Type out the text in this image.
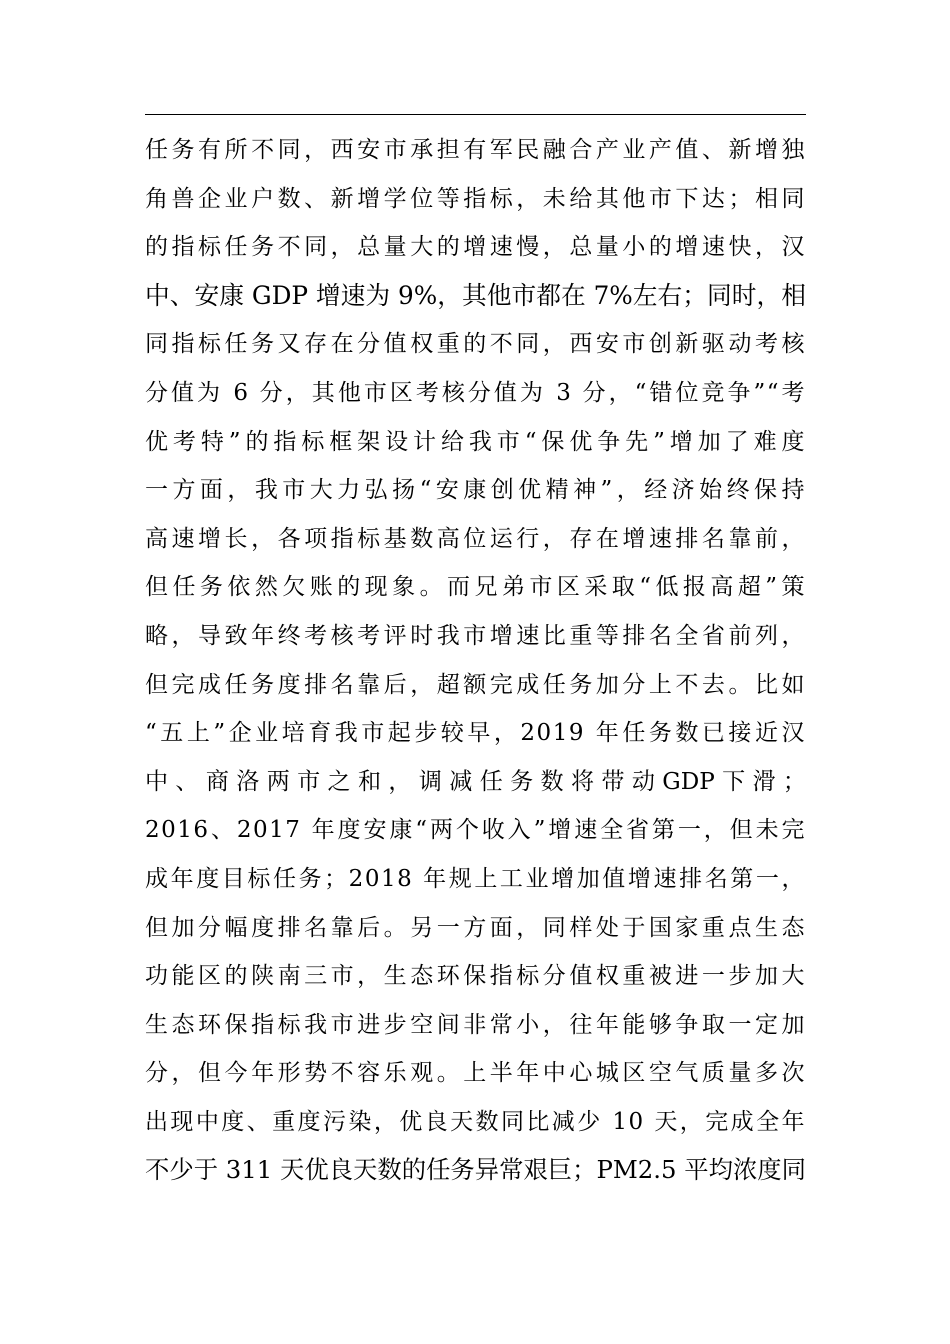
任务有所不同，西安市承担有军民融合产业产值、新增独
角兽企业户数、新增学位等指标，未给其他市下达；相同
的指标任务不同，总量大的增速慢，总量小的增速快，汉
中、安康 GDP 增速为 9%，其他市都在 7%左右；同时，相
同指标任务又存在分值权重的不同，西安市创新驱动考核
分值为 6 分，其他市区考核分值为 3 分，“错位竞争”“考
优考特”的指标框架设计给我市“保优争先”增加了难度
一方面，我市大力弘扬“安康创优精神”，经济始终保持
高速增长，各项指标基数高位运行，存在增速排名靠前，
但任务依然欠账的现象。而兄弟市区采取“低报高超”策
略，导致年终考核考评时我市增速比重等排名全省前列，
但完成任务度排名靠后，超额完成任务加分上不去。比如
“五上”企业培育我市起步较早，2019 年任务数已接近汉
中 、 商 洛 两 市 之 和 ， 调 减 任 务 数 将 带 动 GDP 下 滑 ；
2016、2017 年度安康“两个收入”增速全省第一，但未完
成年度目标任务；2018 年规上工业增加值增速排名第一，
但加分幅度排名靠后。另一方面，同样处于国家重点生态
功能区的陕南三市，生态环保指标分值权重被进一步加大
生态环保指标我市进步空间非常小，往年能够争取一定加
分，但今年形势不容乐观。上半年中心城区空气质量多次
出现中度、重度污染，优良天数同比减少 10 天，完成全年
不少于 311 天优良天数的任务异常艰巨；PM2.5 平均浓度同
